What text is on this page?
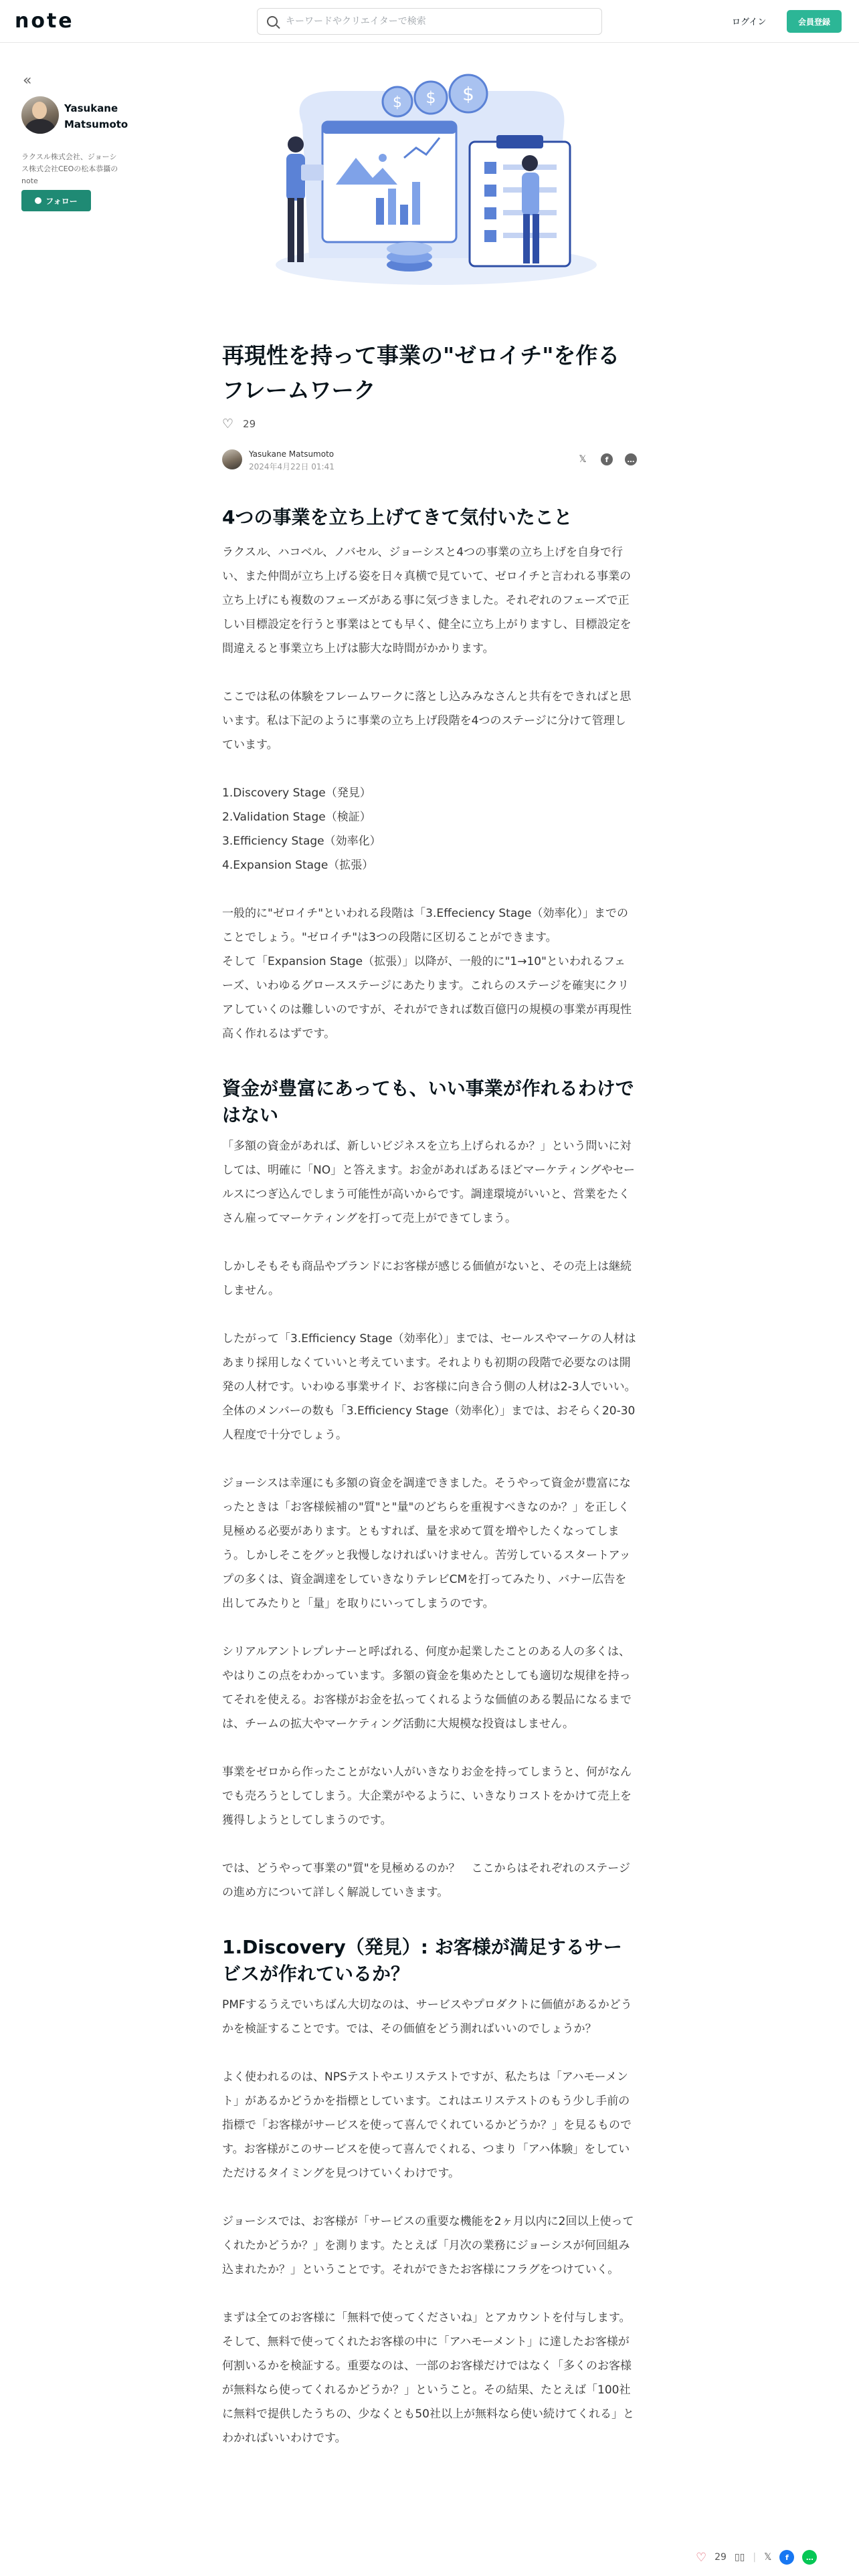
note
キーワードやクリエイターで検索	ログイン	会員登録
«
Yasukane Matsumoto
ラクスル株式会社、ジョーシス株式会社CEOの松本恭攝のnote
フォロー
$ $ $
再現性を持って事業の"ゼロイチ"を作るフレームワーク
♡ 29
Yasukane Matsumoto
2024年4月22日 01:41
𝕏	f	…
4つの事業を立ち上げてきて気付いたこと

ラクスル、ハコベル、ノバセル、ジョーシスと4つの事業の立ち上げを自身で行い、また仲間が立ち上げる姿を日々真横で見ていて、ゼロイチと言われる事業の立ち上げにも複数のフェーズがある事に気づきました。それぞれのフェーズで正しい目標設定を行うと事業はとても早く、健全に立ち上がりますし、目標設定を間違えると事業立ち上げは膨大な時間がかかります。

ここでは私の体験をフレームワークに落とし込みみなさんと共有をできればと思います。私は下記のように事業の立ち上げ段階を4つのステージに分けて管理しています。

1.Discovery Stage（発見）
2.Validation Stage（検証）
3.Efficiency Stage（効率化）
4.Expansion Stage（拡張）

一般的に"ゼロイチ"といわれる段階は「3.Effeciency Stage（効率化）」までのことでしょう。"ゼロイチ"は3つの段階に区切ることができます。
そして「Expansion Stage（拡張）」以降が、一般的に"1→10"といわれるフェーズ、いわゆるグロースステージにあたります。これらのステージを確実にクリアしていくのは難しいのですが、それができれば数百億円の規模の事業が再現性高く作れるはずです。

資金が豊富にあっても、いい事業が作れるわけではない

「多額の資金があれば、新しいビジネスを立ち上げられるか？」という問いに対しては、明確に「NO」と答えます。お金があればあるほどマーケティングやセールスにつぎ込んでしまう可能性が高いからです。調達環境がいいと、営業をたくさん雇ってマーケティングを打って売上ができてしまう。

しかしそもそも商品やブランドにお客様が感じる価値がないと、その売上は継続しません。

したがって「3.Efficiency Stage（効率化）」までは、セールスやマーケの人材はあまり採用しなくていいと考えています。それよりも初期の段階で必要なのは開発の人材です。いわゆる事業サイド、お客様に向き合う側の人材は2-3人でいい。全体のメンバーの数も「3.Efficiency Stage（効率化）」までは、おそらく20-30人程度で十分でしょう。

ジョーシスは幸運にも多額の資金を調達できました。そうやって資金が豊富になったときは「お客様候補の"質"と"量"のどちらを重視すべきなのか？」を正しく見極める必要があります。ともすれば、量を求めて質を増やしたくなってしまう。しかしそこをグッと我慢しなければいけません。苦労しているスタートアップの多くは、資金調達をしていきなりテレビCMを打ってみたり、バナー広告を出してみたりと「量」を取りにいってしまうのです。

シリアルアントレプレナーと呼ばれる、何度か起業したことのある人の多くは、やはりこの点をわかっています。多額の資金を集めたとしても適切な規律を持ってそれを使える。お客様がお金を払ってくれるような価値のある製品になるまでは、チームの拡大やマーケティング活動に大規模な投資はしません。

事業をゼロから作ったことがない人がいきなりお金を持ってしまうと、何がなんでも売ろうとしてしまう。大企業がやるように、いきなりコストをかけて売上を獲得しようとしてしまうのです。

では、どうやって事業の"質"を見極めるのか？　ここからはそれぞれのステージの進め方について詳しく解説していきます。

1.Discovery（発見）: お客様が満足するサービスが作れているか？

PMFするうえでいちばん大切なのは、サービスやプロダクトに価値があるかどうかを検証することです。では、その価値をどう測ればいいのでしょうか？

よく使われるのは、NPSテストやエリステストですが、私たちは「アハモーメント」があるかどうかを指標としています。これはエリステストのもう少し手前の指標で「お客様がサービスを使って喜んでくれているかどうか？」を見るものです。お客様がこのサービスを使って喜んでくれる、つまり「アハ体験」をしていただけるタイミングを見つけていくわけです。

ジョーシスでは、お客様が「サービスの重要な機能を2ヶ月以内に2回以上使ってくれたかどうか？」を測ります。たとえば「月次の業務にジョーシスが何回組み込まれたか？」ということです。それができたお客様にフラグをつけていく。

まずは全てのお客様に「無料で使ってくださいね」とアカウントを付与します。そして、無料で使ってくれたお客様の中に「アハモーメント」に達したお客様が何割いるかを検証する。重要なのは、一部のお客様だけではなく「多くのお客様が無料なら使ってくれるかどうか？」ということ。その結果、たとえば「100社に無料で提供したうちの、少なくとも50社以上が無料なら使い続けてくれる」とわかればいいわけです。

♡ 29 ▯▯ | 𝕏	f	…
